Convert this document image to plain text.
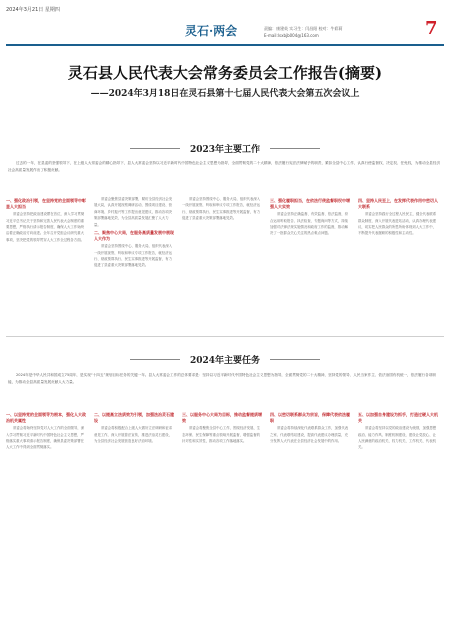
2024年3月21日 星期四
灵石·两会	责编：康建英 实习生：闫昌阳 校对：牛彩莉
E-mail:lsxbjb004@163.com	7
灵石县人民代表大会常务委员会工作报告(摘要)
——2024年3月18日在灵石县第十七届人民代表大会第五次会议上
2023年主要工作
过去的一年，在县委的坚强领导下，在上级人大常委会的精心指导下，县人大常委会坚持以习近平新时代中国特色社会主义思想为指导，全面贯彻党的二十大精神，依法履行宪法法律赋予的职责，紧扣全县中心工作，认真行使监督权、决定权、任免权，为推动全县经济社会高质量发展作出了积极贡献。
一、强化政治引领，在坚持党的全面领导中彰显人大担当
常委会坚持把政治建设摆在首位，深入学习贯彻习近平总书记关于坚持和完善人民代表大会制度的重要思想，严格执行请示报告制度，确保人大工作始终沿着正确政治方向前进。全年召开党组会议研究重大事项，坚决把党的领导贯穿人大工作全过程各方面。
常委会聚焦县委决策部署，紧盯全县经济社会发展大局，认真开展视察调研活动，围绕项目建设、营商环境、乡村振兴等工作提出意见建议，推动各项决策部署落地见效，为全县高质量发展汇聚了人大力量。
二、聚焦中心大局，在服务高质量发展中展现人大作为
常委会坚持围绕中心、服务大局，组织代表深入一线开展视察，听取和审议专项工作报告，就经济运行、财政预算执行、民生实事推进等开展监督，有力促进了县委重大决策部署落地见效。
常委会坚持围绕中心、服务大局，组织代表深入一线开展视察，听取和审议专项工作报告，就经济运行、财政预算执行、民生实事推进等开展监督，有力促进了县委重大决策部署落地见效。
三、强化履职担当，在依法行使监督职权中增强人大实效
常委会坚持正确监督、有效监督、依法监督，综合运用听取报告、执法检查、专题询问等方式，持续加强对法律法规实施情况和政府工作的监督，推动解决了一批群众关心关注的热点难点问题。
四、坚持人民至上，在发挥代表作用中密切人大联系
常委会坚持践行全过程人民民主，健全代表联系群众制度，深入开展代表进站活动，认真办理代表建议，切实把人民群众的所思所盼体现到人大工作中，不断提升代表履职的积极性和主动性。
2024年主要任务
2024年是中华人民共和国成立75周年，是实现“十四五”规划目标任务的关键一年。县人大常委会工作的总体要求是：坚持以习近平新时代中国特色社会主义思想为指导，全面贯彻党的二十大精神，坚持党的领导、人民当家作主、依法治国有机统一，依法履行各项职能，为推动全县高质量发展贡献人大力量。
一、以坚持党的全面领导为根本，强化人大政治机关属性
常委会将始终坚持党对人大工作的全面领导，深入学习贯彻习近平新时代中国特色社会主义思想，严格落实重大事项请示报告制度，确保县委决策部署在人大工作中得到全面贯彻落实。
二、以提高立法质效为引领，加强法治灵石建设
常委会将积极配合上级人大做好立法调研和征求意见工作，深入开展普法宣传，推进法治灵石建设，为全县经济社会发展营造良好法治环境。
三、以服务中心大局为目标，推动监督提质增效
常委会将聚焦全县中心工作，围绕经济发展、生态环保、民生保障等重点领域开展监督，增强监督的针对性和实效性，推动各项工作落地落实。
四、以密切联系群众为宗旨，保障代表依法履职
常委会将持续深化代表联系群众工作，加强代表之家、代表联络站建设，提高代表建议办理质量，充分发挥人大代表在全县经济社会发展中的作用。
五、以加强自身建设为抓手，打造过硬人大机关
常委会将坚持以党的政治建设为统领，加强思想政治、能力作风、制度机制建设，建设让党放心、让人民满意的政治机关、权力机关、工作机关、代表机关。
